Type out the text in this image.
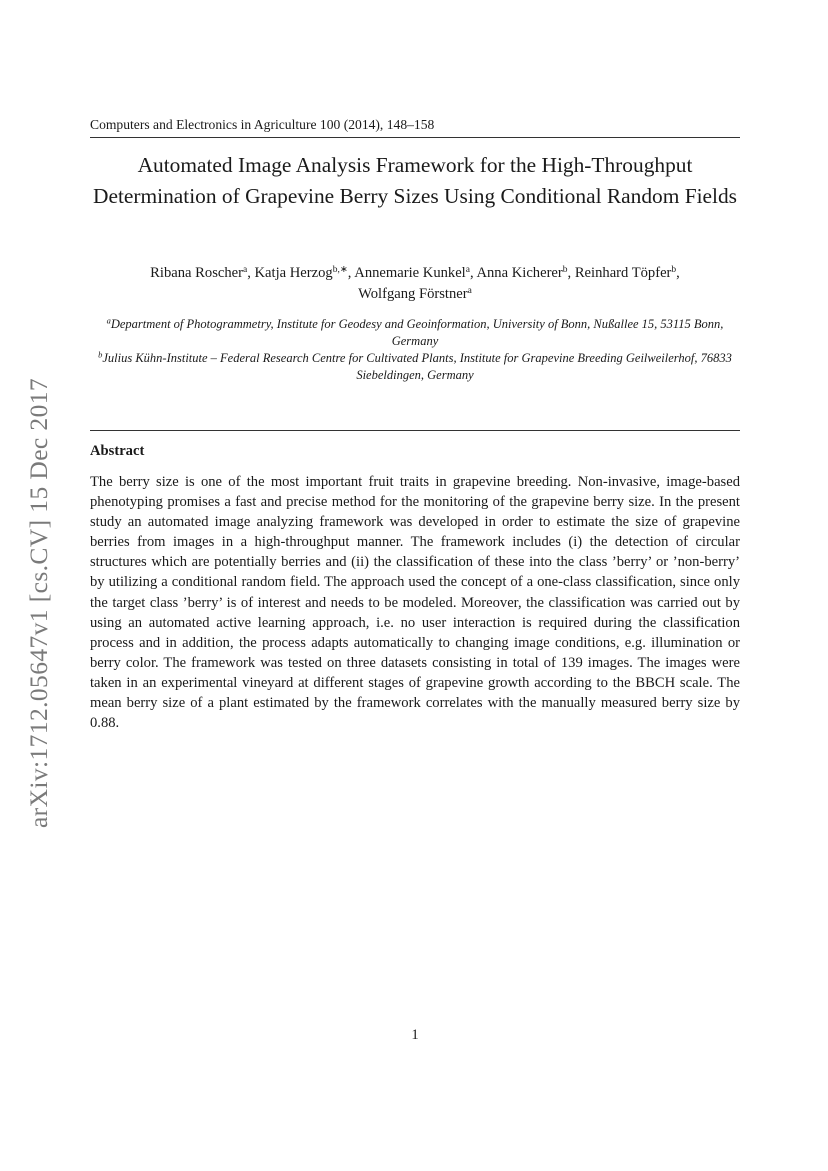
arXiv:1712.05647v1 [cs.CV] 15 Dec 2017
Computers and Electronics in Agriculture 100 (2014), 148–158
Automated Image Analysis Framework for the High-Throughput Determination of Grapevine Berry Sizes Using Conditional Random Fields
Ribana Roscher$^a$, Katja Herzog$^{b,∗}$, Annemarie Kunkel$^a$, Anna Kicherer$^b$, Reinhard Töpfer$^b$,
Wolfgang Förstner$^a$
$^a$Department of Photogrammetry, Institute for Geodesy and Geoinformation, University of Bonn, Nußallee 15, 53115 Bonn, Germany
$^b$Julius Kühn-Institute – Federal Research Centre for Cultivated Plants, Institute for Grapevine Breeding Geilweilerhof, 76833 Siebeldingen, Germany
Abstract
The berry size is one of the most important fruit traits in grapevine breeding. Non-invasive, image-based phenotyping promises a fast and precise method for the monitoring of the grapevine berry size. In the present study an automated image analyzing framework was developed in order to estimate the size of grapevine berries from images in a high-throughput manner. The framework includes (i) the detection of circular structures which are potentially berries and (ii) the classification of these into the class ’berry’ or ’non-berry’ by utilizing a conditional random field. The approach used the concept of a one-class classification, since only the target class ’berry’ is of interest and needs to be modeled. Moreover, the classification was carried out by using an automated active learning approach, i.e. no user interaction is required during the classification process and in addition, the process adapts automatically to changing image conditions, e.g. illumination or berry color. The framework was tested on three datasets consisting in total of 139 images. The images were taken in an experimental vineyard at different stages of grapevine growth according to the BBCH scale. The mean berry size of a plant estimated by the framework correlates with the manually measured berry size by 0.88.
1
